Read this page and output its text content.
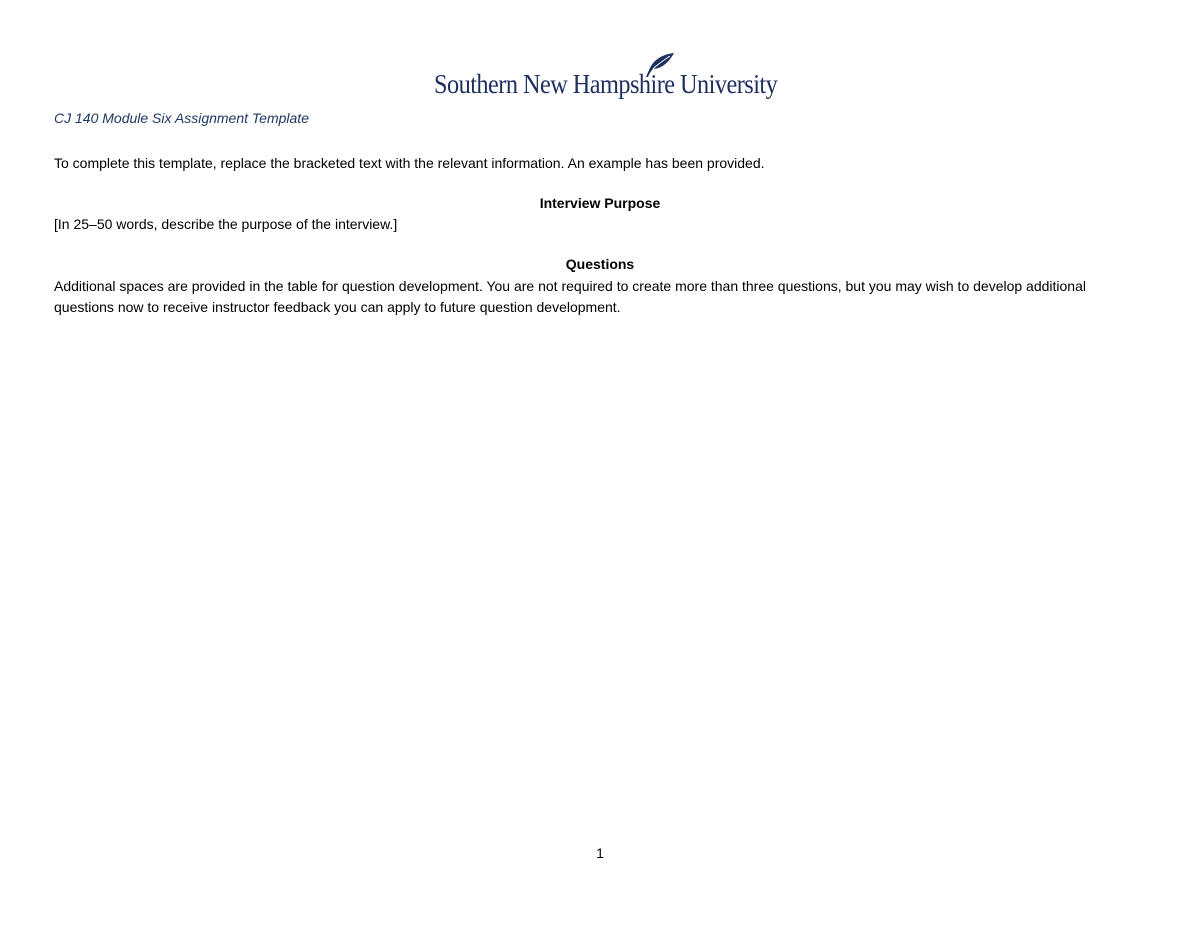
Southern New Hampshire University
CJ 140 Module Six Assignment Template
To complete this template, replace the bracketed text with the relevant information. An example has been provided.
Interview Purpose
[In 25–50 words, describe the purpose of the interview.]
Questions
Additional spaces are provided in the table for question development. You are not required to create more than three questions, but you may wish to develop additional questions now to receive instructor feedback you can apply to future question development.
1
